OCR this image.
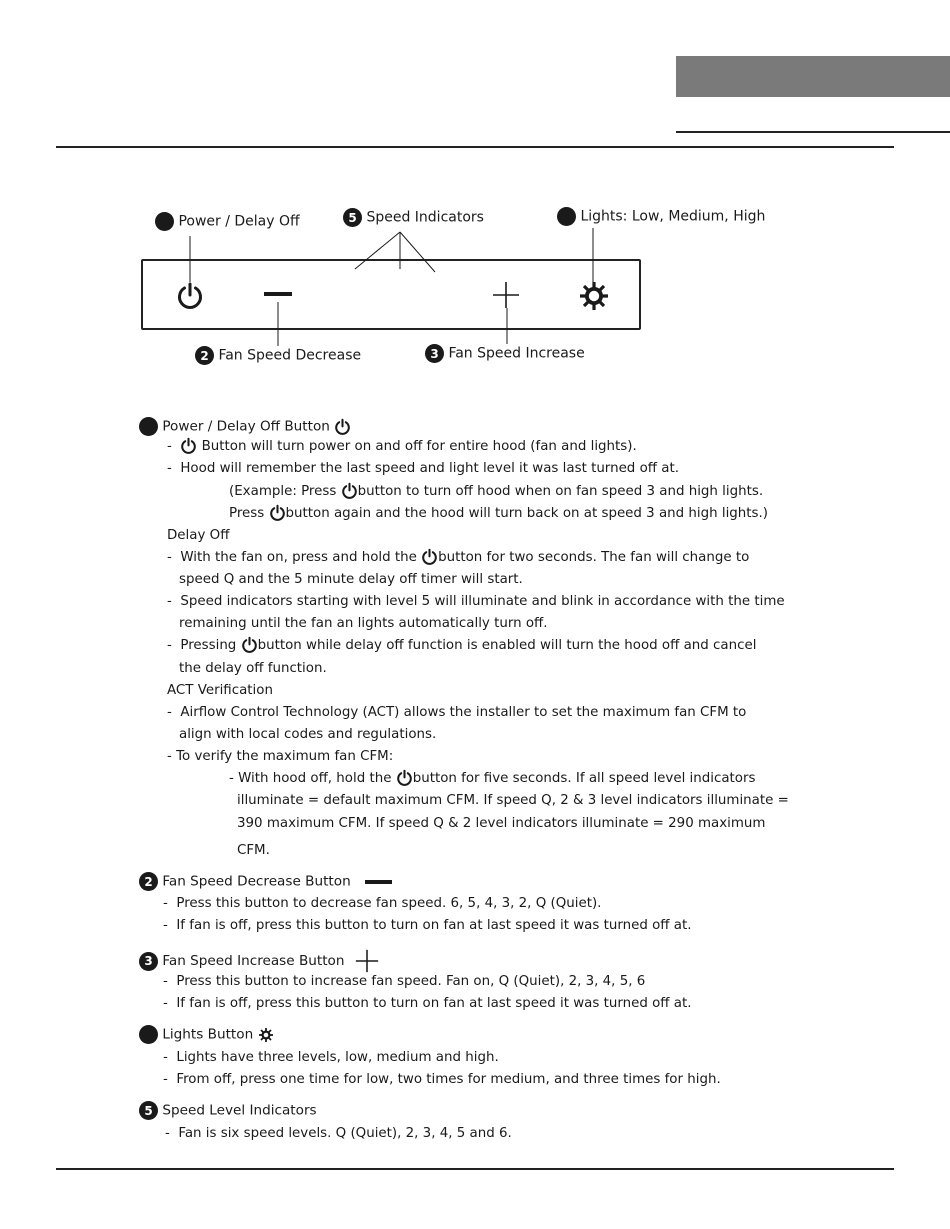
Power / Delay Off	5 Speed Indicators	Lights: Low, Medium, High
2 Fan Speed Decrease	3 Fan Speed Increase
Power / Delay Off Button
- Button will turn power on and off for entire hood (fan and lights).
- Hood will remember the last speed and light level it was last turned off at.
(Example: Press button to turn off hood when on fan speed 3 and high lights.
Press button again and the hood will turn back on at speed 3 and high lights.)
Delay Off
- With the fan on, press and hold the button for two seconds. The fan will change to
speed Q and the 5 minute delay off timer will start.
- Speed indicators starting with level 5 will illuminate and blink in accordance with the time
remaining until the fan an lights automatically turn off.
- Pressing button while delay off function is enabled will turn the hood off and cancel
the delay off function.
ACT Verification
- Airflow Control Technology (ACT) allows the installer to set the maximum fan CFM to
align with local codes and regulations.
- To verify the maximum fan CFM:
- With hood off, hold the button for five seconds. If all speed level indicators
illuminate = default maximum CFM. If speed Q, 2 & 3 level indicators illuminate =
390 maximum CFM. If speed Q & 2 level indicators illuminate = 290 maximum
CFM.
2 Fan Speed Decrease Button
- Press this button to decrease fan speed. 6, 5, 4, 3, 2, Q (Quiet).
- If fan is off, press this button to turn on fan at last speed it was turned off at.
3 Fan Speed Increase Button
- Press this button to increase fan speed. Fan on, Q (Quiet), 2, 3, 4, 5, 6
- If fan is off, press this button to turn on fan at last speed it was turned off at.
Lights Button
- Lights have three levels, low, medium and high.
- From off, press one time for low, two times for medium, and three times for high.
5 Speed Level Indicators
- Fan is six speed levels. Q (Quiet), 2, 3, 4, 5 and 6.
